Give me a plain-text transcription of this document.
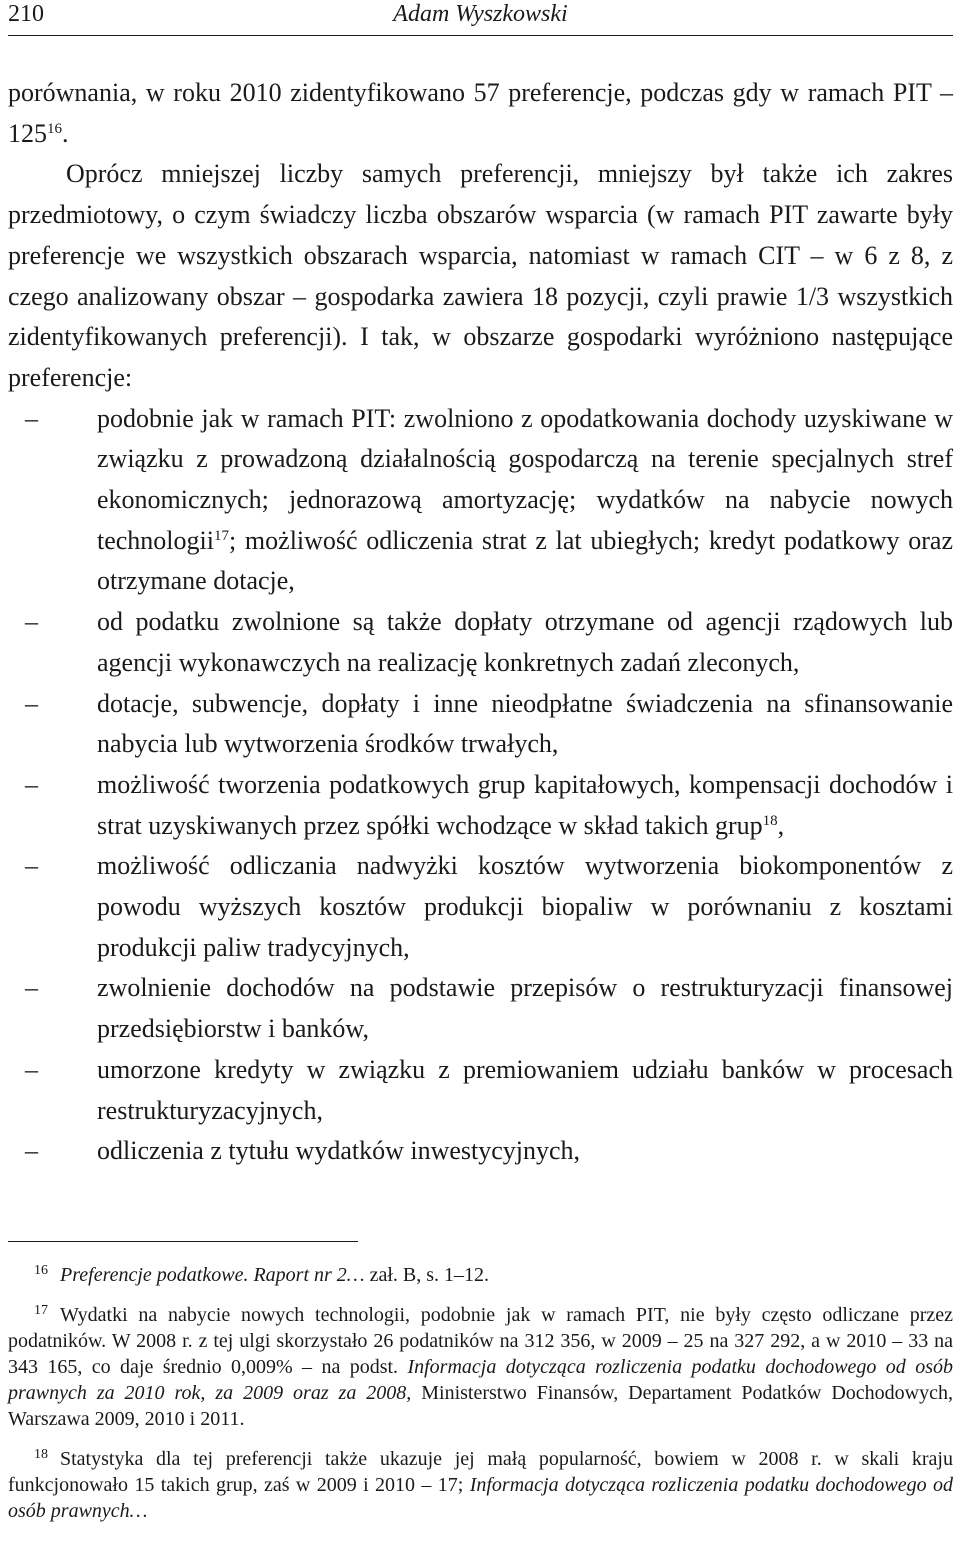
210	Adam Wyszkowski

porównania, w roku 2010 zidentyfikowano 57 preferencje, podczas gdy w ramach PIT – $125^{16}$.

Oprócz mniejszej liczby samych preferencji, mniejszy był także ich zakres przedmiotowy, o czym świadczy liczba obszarów wsparcia (w ramach PIT zawarte były preferencje we wszystkich obszarach wsparcia, natomiast w ramach CIT – w 6 z 8, z czego analizowany obszar – gospodarka zawiera 18 pozycji, czyli prawie 1/3 wszystkich zidentyfikowanych preferencji). I tak, w obszarze gospodarki wyróżniono następujące preferencje:

– podobnie jak w ramach PIT: zwolniono z opodatkowania dochody uzyskiwane w związku z prowadzoną działalnością gospodarczą na terenie specjalnych stref ekonomicznych; jednorazową amortyzację; wydatków na nabycie nowych technologii$^{17}$; możliwość odliczenia strat z lat ubiegłych; kredyt podatkowy oraz otrzymane dotacje,
– od podatku zwolnione są także dopłaty otrzymane od agencji rządowych lub agencji wykonawczych na realizację konkretnych zadań zleconych,
– dotacje, subwencje, dopłaty i inne nieodpłatne świadczenia na sfinansowanie nabycia lub wytworzenia środków trwałych,
– możliwość tworzenia podatkowych grup kapitałowych, kompensacji dochodów i strat uzyskiwanych przez spółki wchodzące w skład takich grup$^{18}$,
– możliwość odliczania nadwyżki kosztów wytworzenia biokomponentów z powodu wyższych kosztów produkcji biopaliw w porównaniu z kosztami produkcji paliw tradycyjnych,
– zwolnienie dochodów na podstawie przepisów o restrukturyzacji finansowej przedsiębiorstw i banków,
– umorzone kredyty w związku z premiowaniem udziału banków w procesach restrukturyzacyjnych,
– odliczenia z tytułu wydatków inwestycyjnych,

$^{16}$ Preferencje podatkowe. Raport nr 2… zał. B, s. 1–12.

$^{17}$ Wydatki na nabycie nowych technologii, podobnie jak w ramach PIT, nie były często odliczane przez podatników. W 2008 r. z tej ulgi skorzystało 26 podatników na 312 356, w 2009 – 25 na 327 292, a w 2010 – 33 na 343 165, co daje średnio 0,009% – na podst. Informacja dotycząca rozliczenia podatku dochodowego od osób prawnych za 2010 rok, za 2009 oraz za 2008, Ministerstwo Finansów, Departament Podatków Dochodowych, Warszawa 2009, 2010 i 2011.

$^{18}$ Statystyka dla tej preferencji także ukazuje jej małą popularność, bowiem w 2008 r. w skali kraju funkcjonowało 15 takich grup, zaś w 2009 i 2010 – 17; Informacja dotycząca rozliczenia podatku dochodowego od osób prawnych…
